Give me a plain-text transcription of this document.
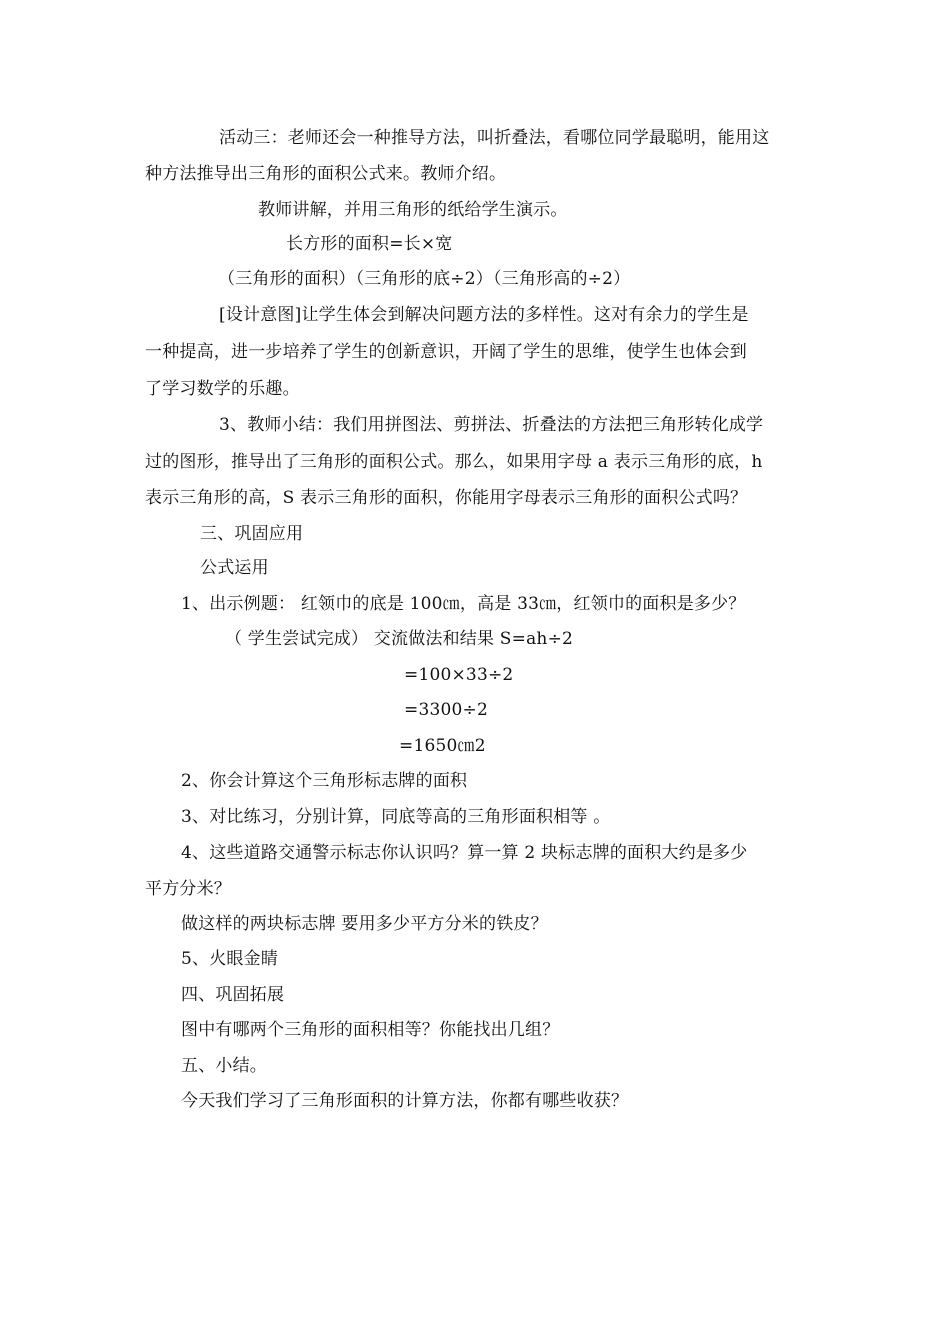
活动三：老师还会一种推导方法，叫折叠法，看哪位同学最聪明，能用这
种方法推导出三角形的面积公式来。教师介绍。
教师讲解，并用三角形的纸给学生演示。
长方形的面积=长×宽
（三角形的面积）（三角形的底÷2）（三角形高的÷2）
[设计意图]让学生体会到解决问题方法的多样性。这对有余力的学生是
一种提高，进一步培养了学生的创新意识，开阔了学生的思维，使学生也体会到
了学习数学的乐趣。
3、教师小结：我们用拼图法、剪拼法、折叠法的方法把三角形转化成学
过的图形，推导出了三角形的面积公式。那么，如果用字母 a 表示三角形的底，h
表示三角形的高，S 表示三角形的面积，你能用字母表示三角形的面积公式吗？
三、巩固应用
公式运用
1、出示例题： 红领巾的底是 100㎝，高是 33㎝，红领巾的面积是多少？
（ 学生尝试完成） 交流做法和结果 S=ah÷2
=100×33÷2
=3300÷2
=1650㎝2
2、你会计算这个三角形标志牌的面积
3、对比练习，分别计算，同底等高的三角形面积相等 。
4、这些道路交通警示标志你认识吗？算一算 2 块标志牌的面积大约是多少
平方分米？
做这样的两块标志牌 要用多少平方分米的铁皮？
5、火眼金睛
四、巩固拓展
图中有哪两个三角形的面积相等？你能找出几组？
五、小结。
今天我们学习了三角形面积的计算方法，你都有哪些收获？
